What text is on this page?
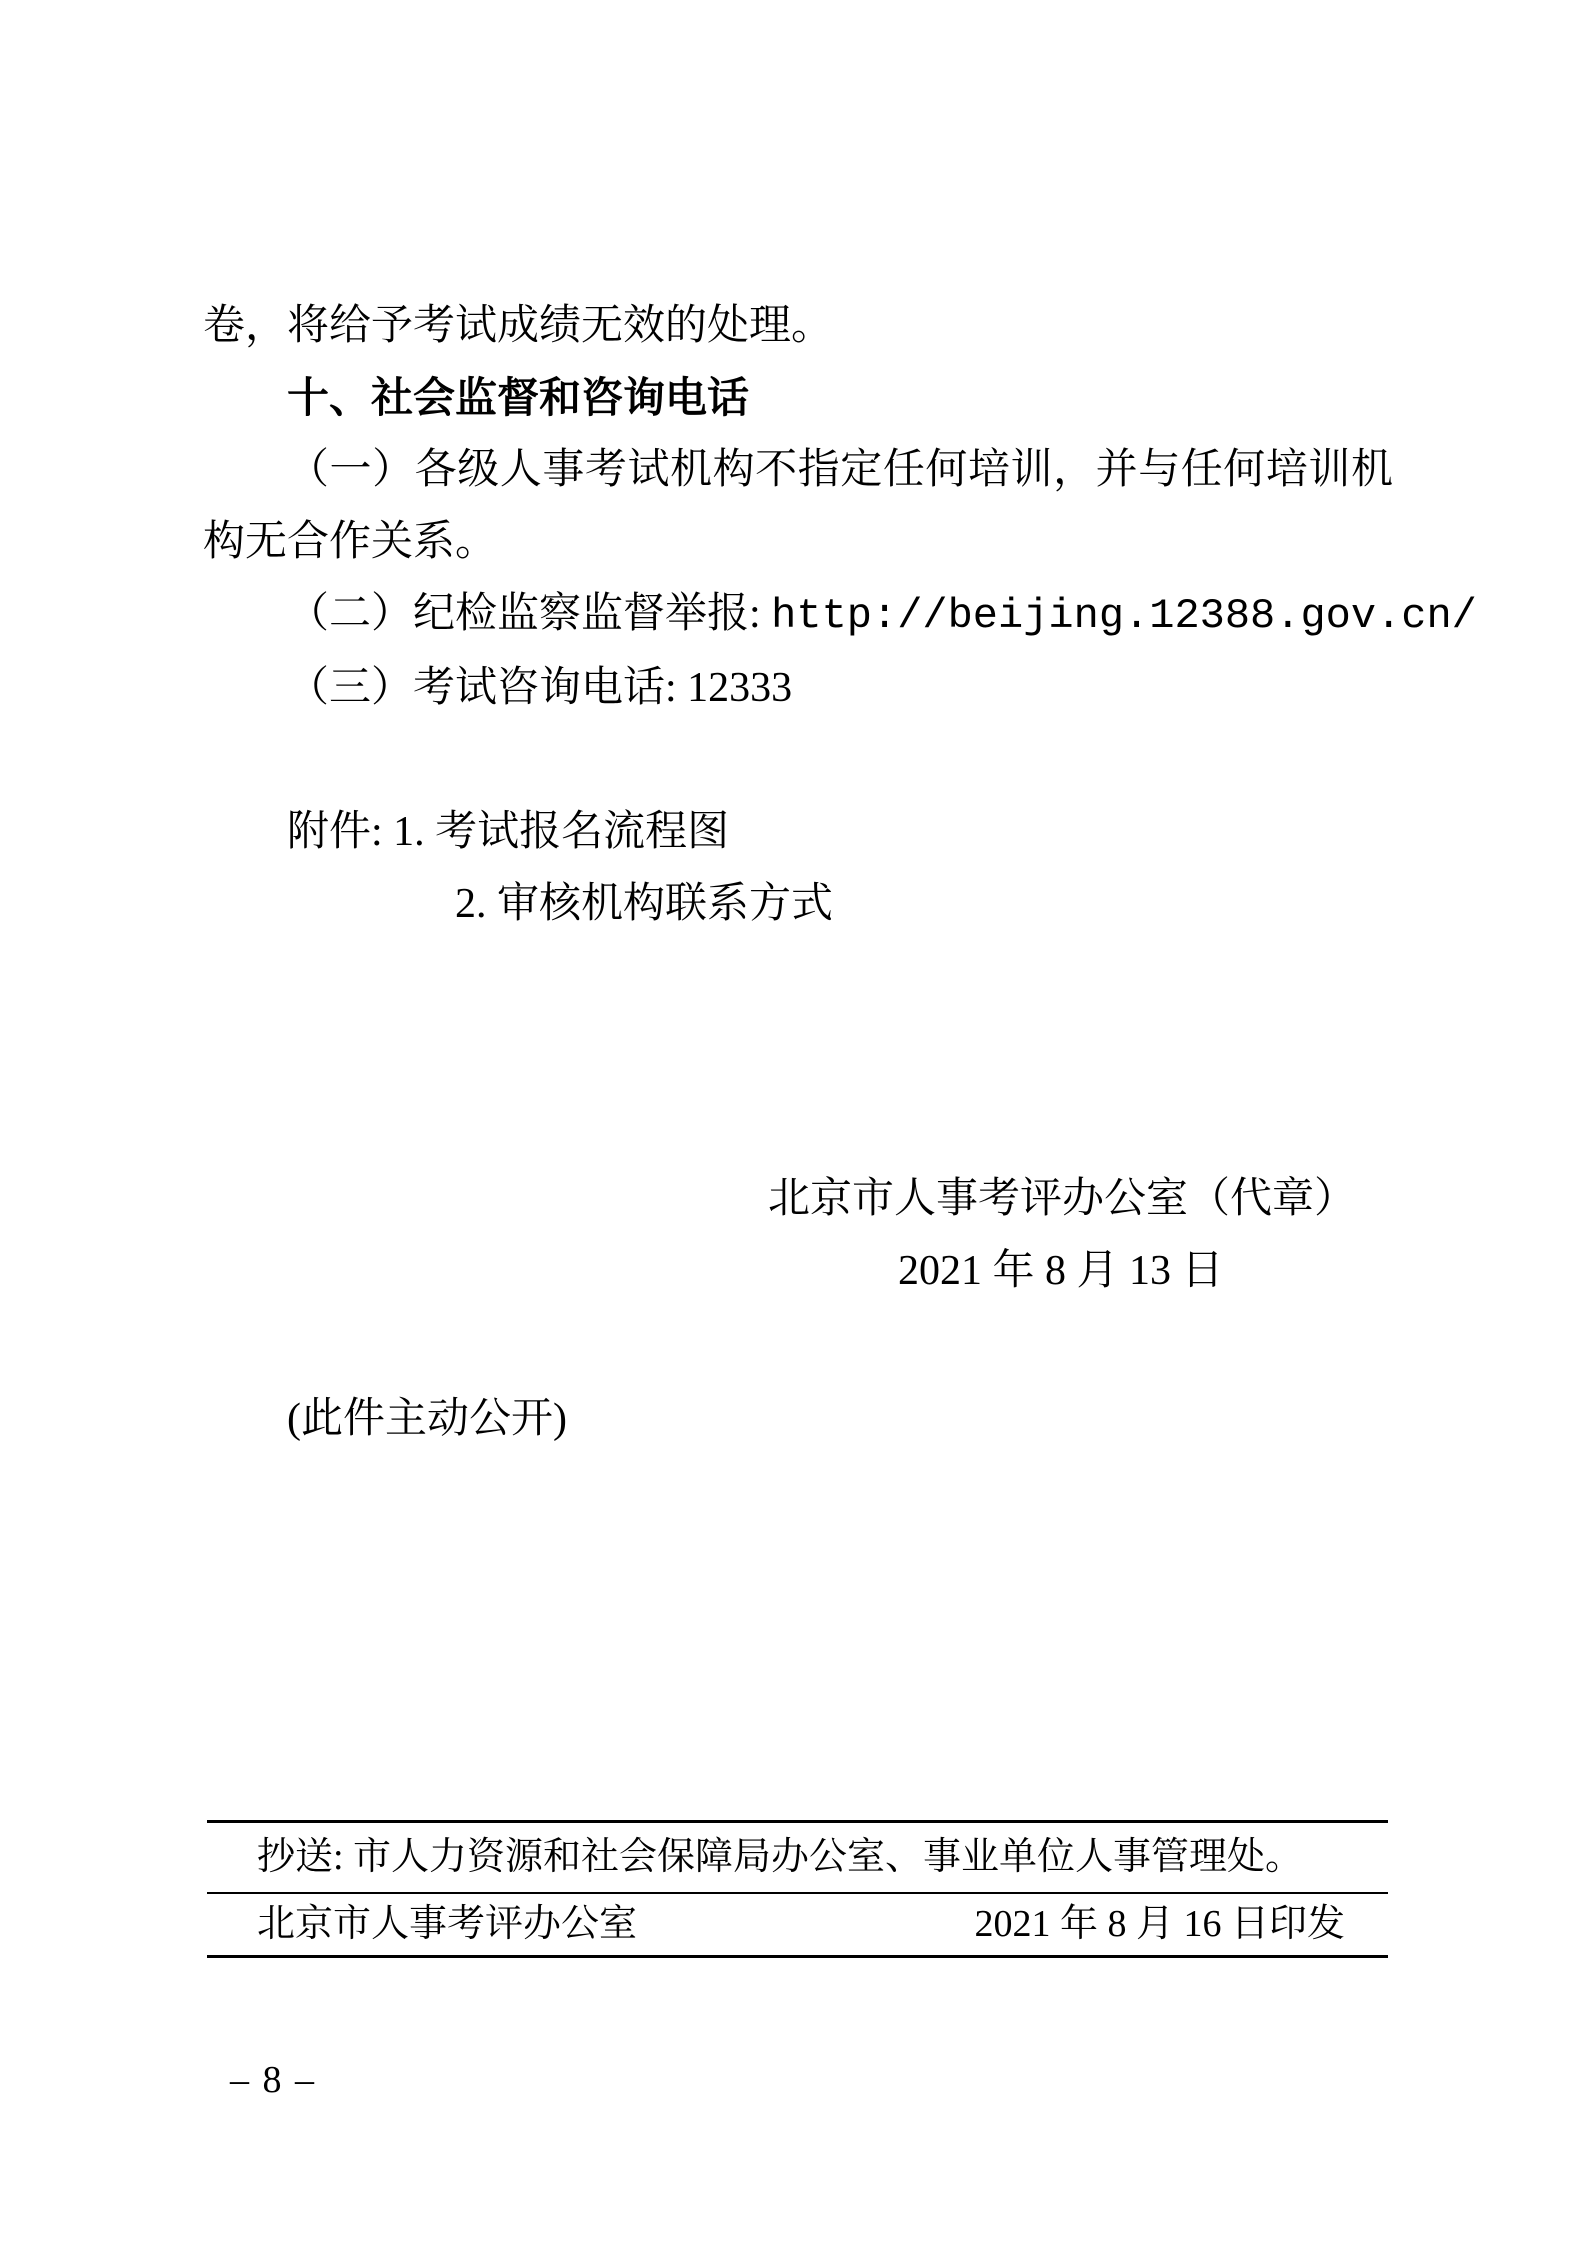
卷，将给予考试成绩无效的处理。

十、社会监督和咨询电话

（一）各级人事考试机构不指定任何培训，并与任何培训机构无合作关系。

（二）纪检监察监督举报: http://beijing.12388.gov.cn/

（三）考试咨询电话: 12333

附件: 1. 考试报名流程图

2. 审核机构联系方式

北京市人事考评办公室（代章）
2021 年 8 月 13 日
(此件主动公开)
抄送: 市人力资源和社会保障局办公室、事业单位人事管理处。
北京市人事考评办公室	2021 年 8 月 16 日印发
– 8 –
